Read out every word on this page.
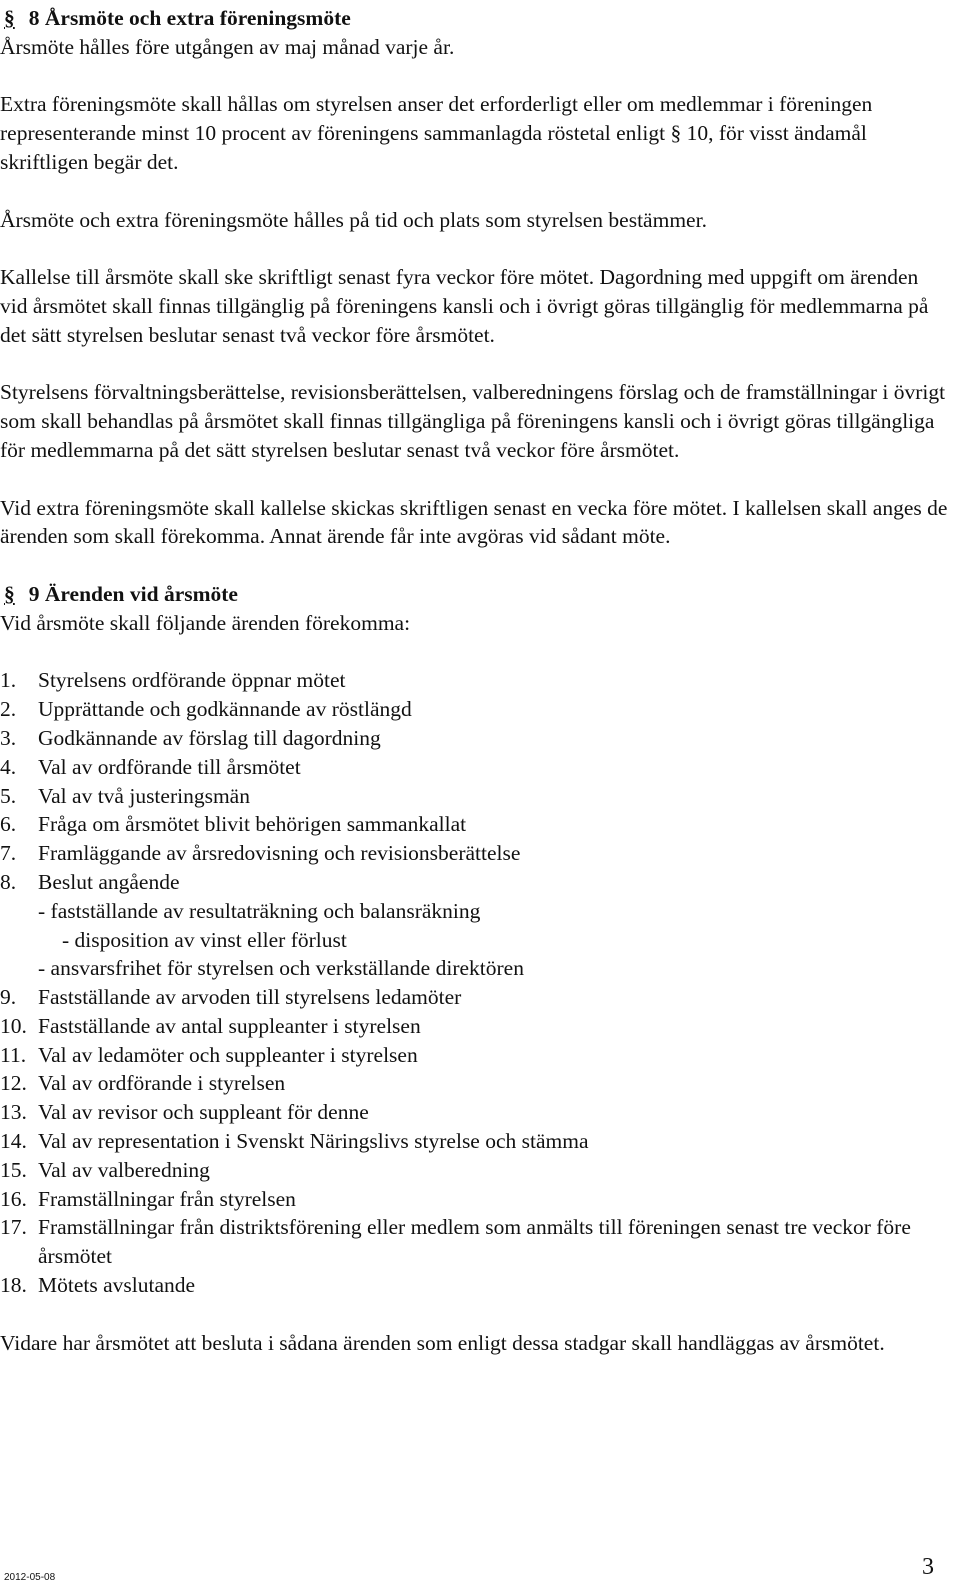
§ 8 Årsmöte och extra föreningsmöte

Årsmöte hålles före utgången av maj månad varje år.

Extra föreningsmöte skall hållas om styrelsen anser det erforderligt eller om medlemmar i föreningen representerande minst 10 procent av föreningens sammanlagda röstetal enligt § 10, för visst ändamål skriftligen begär det.

Årsmöte och extra föreningsmöte hålles på tid och plats som styrelsen bestämmer.

Kallelse till årsmöte skall ske skriftligt senast fyra veckor före mötet. Dagordning med uppgift om ärenden vid årsmötet skall finnas tillgänglig på föreningens kansli och i övrigt göras tillgänglig för medlemmarna på det sätt styrelsen beslutar senast två veckor före årsmötet.

Styrelsens förvaltningsberättelse, revisionsberättelsen, valberedningens förslag och de framställningar i övrigt som skall behandlas på årsmötet skall finnas tillgängliga på föreningens kansli och i övrigt göras tillgängliga för medlemmarna på det sätt styrelsen beslutar senast två veckor före årsmötet.

Vid extra föreningsmöte skall kallelse skickas skriftligen senast en vecka före mötet. I kallelsen skall anges de ärenden som skall förekomma. Annat ärende får inte avgöras vid sådant möte.

§ 9 Ärenden vid årsmöte

Vid årsmöte skall följande ärenden förekomma:

1.	Styrelsens ordförande öppnar mötet
2.	Upprättande och godkännande av röstlängd
3.	Godkännande av förslag till dagordning
4.	Val av ordförande till årsmötet
5.	Val av två justeringsmän
6.	Fråga om årsmötet blivit behörigen sammankallat
7.	Framläggande av årsredovisning och revisionsberättelse
8.	Beslut angående
- fastställande av resultaträkning och balansräkning
- disposition av vinst eller förlust
- ansvarsfrihet för styrelsen och verkställande direktören
9.	Fastställande av arvoden till styrelsens ledamöter
10. Fastställande av antal suppleanter i styrelsen
11. Val av ledamöter och suppleanter i styrelsen
12. Val av ordförande i styrelsen
13. Val av revisor och suppleant för denne
14. Val av representation i Svenskt Näringslivs styrelse och stämma
15. Val av valberedning
16. Framställningar från styrelsen
17. Framställningar från distriktsförening eller medlem som anmälts till föreningen senast tre veckor före årsmötet
18. Mötets avslutande

Vidare har årsmötet att besluta i sådana ärenden som enligt dessa stadgar skall handläggas av årsmötet.

2012-05-08	3
